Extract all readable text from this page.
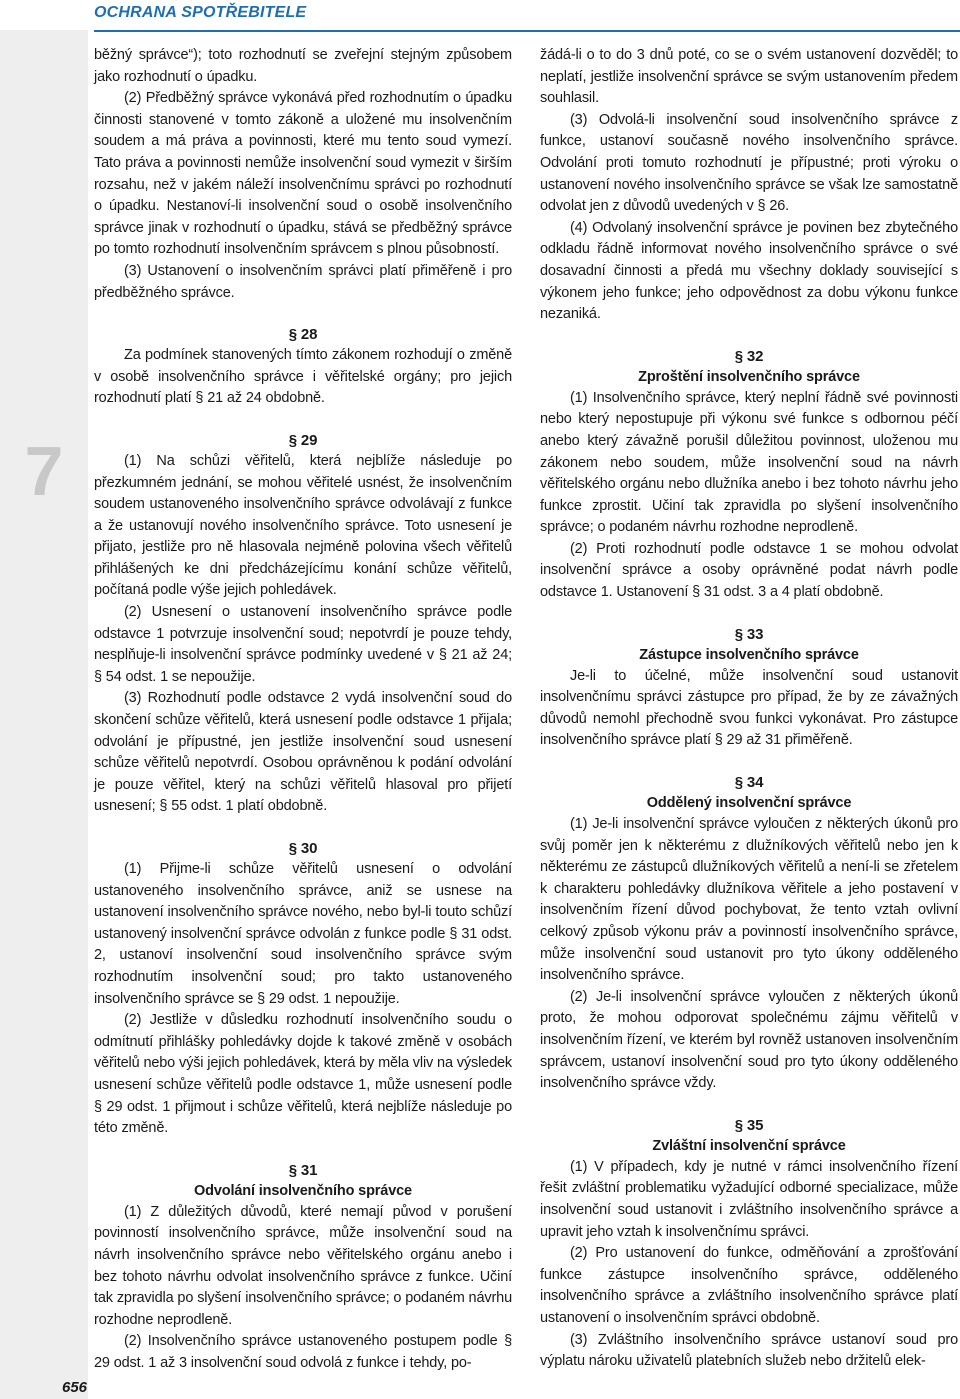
OCHRANA SPOTŘEBITELE
7
656

běžný správce“); toto rozhodnutí se zveřejní stejným způsobem jako rozhodnutí o úpadku.

(2) Předběžný správce vykonává před rozhodnutím o úpadku činnosti stanovené v tomto zákoně a uložené mu insolvenčním soudem a má práva a povinnosti, které mu tento soud vymezí. Tato práva a povinnosti nemůže insolvenční soud vymezit v širším rozsahu, než v jakém náleží insolvenčnímu správci po rozhodnutí o úpadku. Nestanoví-li insolvenční soud o osobě insolvenčního správce jinak v rozhodnutí o úpadku, stává se předběžný správce po tomto rozhodnutí insolvenčním správcem s plnou působností.

(3) Ustanovení o insolvenčním správci platí přiměřeně i pro předběžného správce.

§ 28

Za podmínek stanovených tímto zákonem rozhodují o změně v osobě insolvenčního správce i věřitelské orgány; pro jejich rozhodnutí platí § 21 až 24 obdobně.

§ 29

(1) Na schůzi věřitelů, která nejblíže následuje po přezkumném jednání, se mohou věřitelé usnést, že insolvenčním soudem ustanoveného insolvenčního správce odvolávají z funkce a že ustanovují nového insolvenčního správce. Toto usnesení je přijato, jestliže pro ně hlasovala nejméně polovina všech věřitelů přihlášených ke dni předcházejícímu konání schůze věřitelů, počítaná podle výše jejich pohledávek.

(2) Usnesení o ustanovení insolvenčního správce podle odstavce 1 potvrzuje insolvenční soud; nepotvrdí je pouze tehdy, nesplňuje-li insolvenční správce podmínky uvedené v § 21 až 24; § 54 odst. 1 se nepoužije.

(3) Rozhodnutí podle odstavce 2 vydá insolvenční soud do skončení schůze věřitelů, která usnesení podle odstavce 1 přijala; odvolání je přípustné, jen jestliže insolvenční soud usnesení schůze věřitelů nepotvrdí. Osobou oprávněnou k podání odvolání je pouze věřitel, který na schůzi věřitelů hlasoval pro přijetí usnesení; § 55 odst. 1 platí obdobně.

§ 30

(1) Přijme-li schůze věřitelů usnesení o odvolání ustanoveného insolvenčního správce, aniž se usnese na ustanovení insolvenčního správce nového, nebo byl-li touto schůzí ustanovený insolvenční správce odvolán z funkce podle § 31 odst. 2, ustanoví insolvenční soud insolvenčního správce svým rozhodnutím insolvenční soud; pro takto ustanoveného insolvenčního správce se § 29 odst. 1 nepoužije.

(2) Jestliže v důsledku rozhodnutí insolvenčního soudu o odmítnutí přihlášky pohledávky dojde k takové změně v osobách věřitelů nebo výši jejich pohledávek, která by měla vliv na výsledek usnesení schůze věřitelů podle odstavce 1, může usnesení podle § 29 odst. 1 přijmout i schůze věřitelů, která nejblíže následuje po této změně.

§ 31
Odvolání insolvenčního správce

(1) Z důležitých důvodů, které nemají původ v porušení povinností insolvenčního správce, může insolvenční soud na návrh insolvenčního správce nebo věřitelského orgánu anebo i bez tohoto návrhu odvolat insolvenčního správce z funkce. Učiní tak zpravidla po slyšení insolvenčního správce; o podaném návrhu rozhodne neprodleně.

(2) Insolvenčního správce ustanoveného postupem podle § 29 odst. 1 až 3 insolvenční soud odvolá z funkce i tehdy, po-

žádá-li o to do 3 dnů poté, co se o svém ustanovení dozvěděl; to neplatí, jestliže insolvenční správce se svým ustanovením předem souhlasil.

(3) Odvolá-li insolvenční soud insolvenčního správce z funkce, ustanoví současně nového insolvenčního správce. Odvolání proti tomuto rozhodnutí je přípustné; proti výroku o ustanovení nového insolvenčního správce se však lze samostatně odvolat jen z důvodů uvedených v § 26.

(4) Odvolaný insolvenční správce je povinen bez zbytečného odkladu řádně informovat nového insolvenčního správce o své dosavadní činnosti a předá mu všechny doklady související s výkonem jeho funkce; jeho odpovědnost za dobu výkonu funkce nezaniká.

§ 32
Zproštění insolvenčního správce

(1) Insolvenčního správce, který neplní řádně své povinnosti nebo který nepostupuje při výkonu své funkce s odbornou péčí anebo který závažně porušil důležitou povinnost, uloženou mu zákonem nebo soudem, může insolvenční soud na návrh věřitelského orgánu nebo dlužníka anebo i bez tohoto návrhu jeho funkce zprostit. Učiní tak zpravidla po slyšení insolvenčního správce; o podaném návrhu rozhodne neprodleně.

(2) Proti rozhodnutí podle odstavce 1 se mohou odvolat insolvenční správce a osoby oprávněné podat návrh podle odstavce 1. Ustanovení § 31 odst. 3 a 4 platí obdobně.

§ 33
Zástupce insolvenčního správce

Je-li to účelné, může insolvenční soud ustanovit insolvenčnímu správci zástupce pro případ, že by ze závažných důvodů nemohl přechodně svou funkci vykonávat. Pro zástupce insolvenčního správce platí § 29 až 31 přiměřeně.

§ 34
Oddělený insolvenční správce

(1) Je-li insolvenční správce vyloučen z některých úkonů pro svůj poměr jen k některému z dlužníkových věřitelů nebo jen k některému ze zástupců dlužníkových věřitelů a není-li se zřetelem k charakteru pohledávky dlužníkova věřitele a jeho postavení v insolvenčním řízení důvod pochybovat, že tento vztah ovlivní celkový způsob výkonu práv a povinností insolvenčního správce, může insolvenční soud ustanovit pro tyto úkony odděleného insolvenčního správce.

(2) Je-li insolvenční správce vyloučen z některých úkonů proto, že mohou odporovat společnému zájmu věřitelů v insolvenčním řízení, ve kterém byl rovněž ustanoven insolvenčním správcem, ustanoví insolvenční soud pro tyto úkony odděleného insolvenčního správce vždy.

§ 35
Zvláštní insolvenční správce

(1) V případech, kdy je nutné v rámci insolvenčního řízení řešit zvláštní problematiku vyžadující odborné specializace, může insolvenční soud ustanovit i zvláštního insolvenčního správce a upravit jeho vztah k insolvenčnímu správci.

(2) Pro ustanovení do funkce, odměňování a zprošťování funkce zástupce insolvenčního správce, odděleného insolvenčního správce a zvláštního insolvenčního správce platí ustanovení o insolvenčním správci obdobně.

(3) Zvláštního insolvenčního správce ustanoví soud pro výplatu nároku uživatelů platebních služeb nebo držitelů elek-
